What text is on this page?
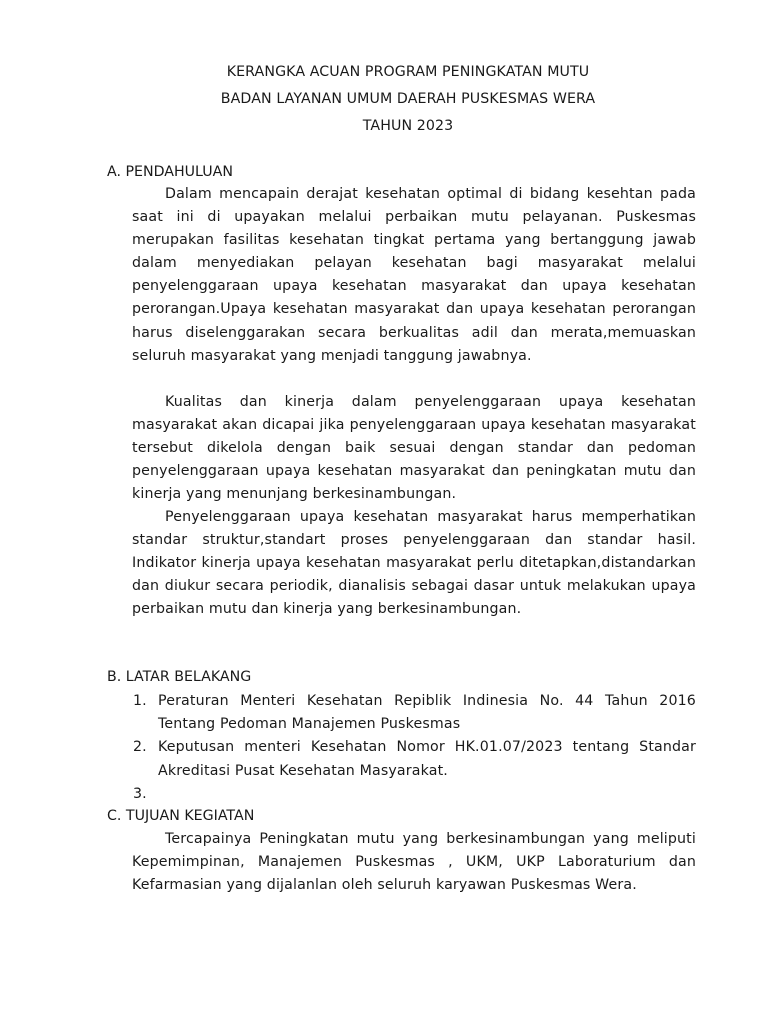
KERANGKA ACUAN PROGRAM PENINGKATAN MUTU
BADAN LAYANAN UMUM DAERAH PUSKESMAS WERA
TAHUN 2023
A. PENDAHULUAN
Dalam mencapain derajat kesehatan optimal di bidang kesehtan pada saat ini di upayakan melalui perbaikan mutu pelayanan. Puskesmas merupakan fasilitas kesehatan tingkat pertama yang bertanggung jawab dalam menyediakan pelayan kesehatan bagi masyarakat melalui penyelenggaraan upaya kesehatan masyarakat dan upaya kesehatan perorangan.Upaya kesehatan masyarakat dan upaya kesehatan perorangan harus diselenggarakan secara berkualitas adil dan merata,memuaskan seluruh masyarakat yang menjadi tanggung jawabnya.
Kualitas dan kinerja dalam penyelenggaraan upaya kesehatan masyarakat akan dicapai jika penyelenggaraan upaya kesehatan masyarakat tersebut dikelola dengan baik sesuai dengan standar dan pedoman penyelenggaraan upaya kesehatan masyarakat dan peningkatan mutu dan kinerja yang menunjang berkesinambungan.
Penyelenggaraan upaya kesehatan masyarakat harus memperhatikan standar struktur,standart proses penyelenggaraan dan standar hasil. Indikator kinerja upaya kesehatan masyarakat perlu ditetapkan,distandarkan dan diukur secara periodik, dianalisis sebagai dasar untuk melakukan upaya perbaikan mutu dan kinerja yang berkesinambungan.
B. LATAR BELAKANG
1. Peraturan Menteri Kesehatan Repiblik Indinesia No. 44 Tahun 2016 Tentang Pedoman Manajemen Puskesmas
2. Keputusan menteri Kesehatan Nomor HK.01.07/2023 tentang Standar Akreditasi Pusat Kesehatan Masyarakat.
3.
C. TUJUAN KEGIATAN
Tercapainya Peningkatan mutu yang berkesinambungan yang meliputi Kepemimpinan, Manajemen Puskesmas , UKM, UKP Laboraturium dan Kefarmasian yang dijalanlan oleh seluruh karyawan Puskesmas Wera.
